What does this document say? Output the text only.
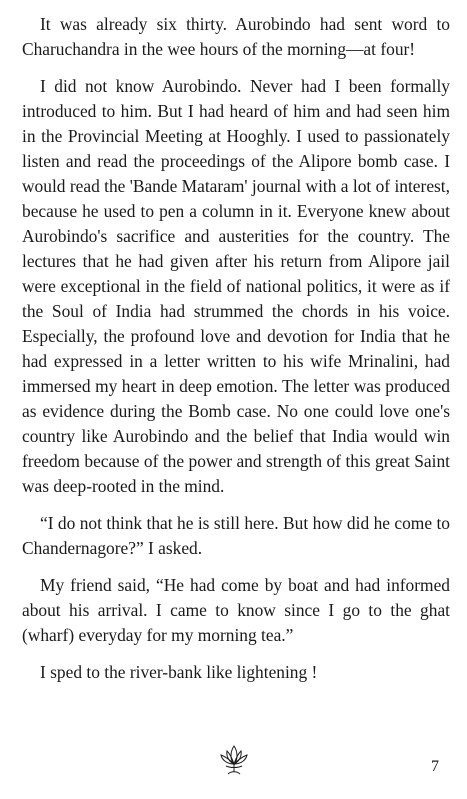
It was already six thirty. Aurobindo had sent word to Charuchandra in the wee hours of the morning—at four!

I did not know Aurobindo. Never had I been formally introduced to him. But I had heard of him and had seen him in the Provincial Meeting at Hooghly. I used to passionately listen and read the proceedings of the Alipore bomb case. I would read the 'Bande Mataram' journal with a lot of interest, because he used to pen a column in it. Everyone knew about Aurobindo's sacrifice and austerities for the country. The lectures that he had given after his return from Alipore jail were exceptional in the field of national politics, it were as if the Soul of India had strummed the chords in his voice. Especially, the profound love and devotion for India that he had expressed in a letter written to his wife Mrinalini, had immersed my heart in deep emotion. The letter was produced as evidence during the Bomb case. No one could love one's country like Aurobindo and the belief that India would win freedom because of the power and strength of this great Saint was deep-rooted in the mind.

“I do not think that he is still here. But how did he come to Chandernagore?” I asked.

My friend said, “He had come by boat and had informed about his arrival. I came to know since I go to the ghat (wharf) everyday for my morning tea.”

I sped to the river-bank like lightening !

7
